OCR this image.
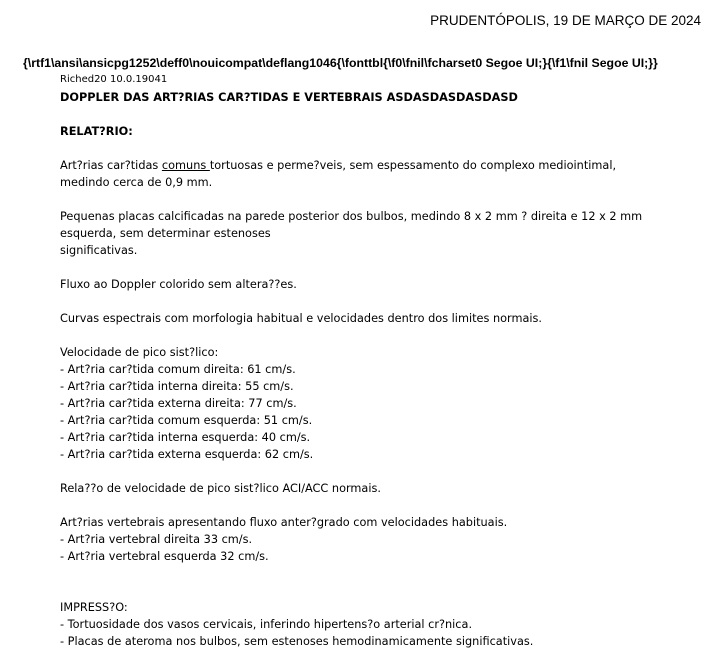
PRUDENTÓPOLIS, 19 DE MARÇO DE 2024
{\rtf1\ansi\ansicpg1252\deff0\nouicompat\deflang1046{\fonttbl{\f0\fnil\fcharset0 Segoe UI;}{\f1\fnil Segoe UI;}}
Riched20 10.0.19041
DOPPLER DAS ART?RIAS CAR?TIDAS E VERTEBRAIS ASDASDASDASDASD
RELAT?RIO:
Art?rias car?tidas comuns tortuosas e perme?veis, sem espessamento do complexo mediointimal,
medindo cerca de 0,9 mm.
Pequenas placas calcificadas na parede posterior dos bulbos, medindo 8 x 2 mm ? direita e 12 x 2 mm
esquerda, sem determinar estenoses
significativas.
Fluxo ao Doppler colorido sem altera??es.
Curvas espectrais com morfologia habitual e velocidades dentro dos limites normais.
Velocidade de pico sist?lico:
- Art?ria car?tida comum direita: 61 cm/s.
- Art?ria car?tida interna direita: 55 cm/s.
- Art?ria car?tida externa direita: 77 cm/s.
- Art?ria car?tida comum esquerda: 51 cm/s.
- Art?ria car?tida interna esquerda: 40 cm/s.
- Art?ria car?tida externa esquerda: 62 cm/s.
Rela??o de velocidade de pico sist?lico ACI/ACC normais.
Art?rias vertebrais apresentando fluxo anter?grado com velocidades habituais.
- Art?ria vertebral direita 33 cm/s.
- Art?ria vertebral esquerda 32 cm/s.
IMPRESS?O:
- Tortuosidade dos vasos cervicais, inferindo hipertens?o arterial cr?nica.
- Placas de ateroma nos bulbos, sem estenoses hemodinamicamente significativas.
